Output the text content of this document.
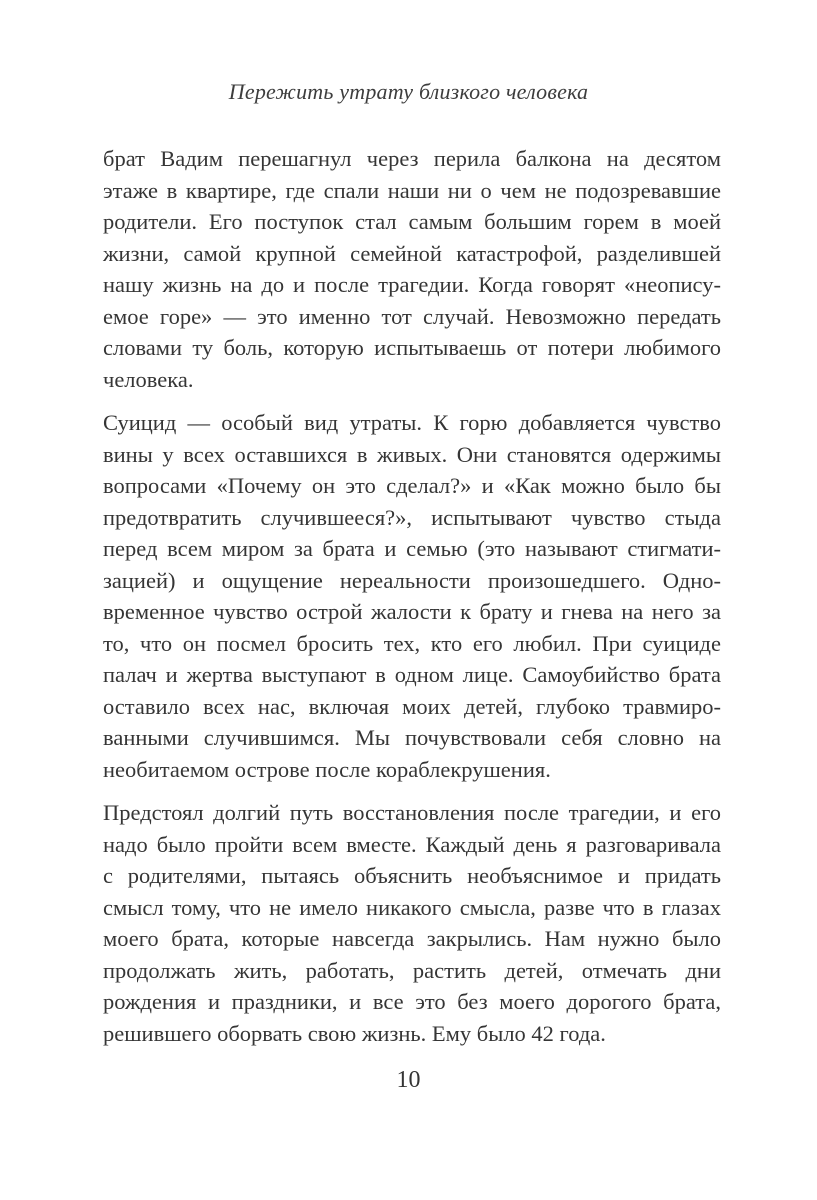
Пережить утрату близкого человека
брат Вадим перешагнул через перила балкона на десятом
этаже в квартире, где спали наши ни о чем не подозревавшие
родители. Его поступок стал самым большим горем в моей
жизни, самой крупной семейной катастрофой, разделившей
нашу жизнь на до и после трагедии. Когда говорят «неопису-
емое горе» — это именно тот случай. Невозможно передать
словами ту боль, которую испытываешь от потери любимого
человека.
Суицид — особый вид утраты. К горю добавляется чувство
вины у всех оставшихся в живых. Они становятся одержимы
вопросами «Почему он это сделал?» и «Как можно было бы
предотвратить случившееся?», испытывают чувство стыда
перед всем миром за брата и семью (это называют стигмати-
зацией) и ощущение нереальности произошедшего. Одно-
временное чувство острой жалости к брату и гнева на него за
то, что он посмел бросить тех, кто его любил. При суициде
палач и жертва выступают в одном лице. Самоубийство брата
оставило всех нас, включая моих детей, глубоко травмиро-
ванными случившимся. Мы почувствовали себя словно на
необитаемом острове после кораблекрушения.
Предстоял долгий путь восстановления после трагедии, и его
надо было пройти всем вместе. Каждый день я разговаривала
с родителями, пытаясь объяснить необъяснимое и придать
смысл тому, что не имело никакого смысла, разве что в глазах
моего брата, которые навсегда закрылись. Нам нужно было
продолжать жить, работать, растить детей, отмечать дни
рождения и праздники, и все это без моего дорогого брата,
решившего оборвать свою жизнь. Ему было 42 года.
10
